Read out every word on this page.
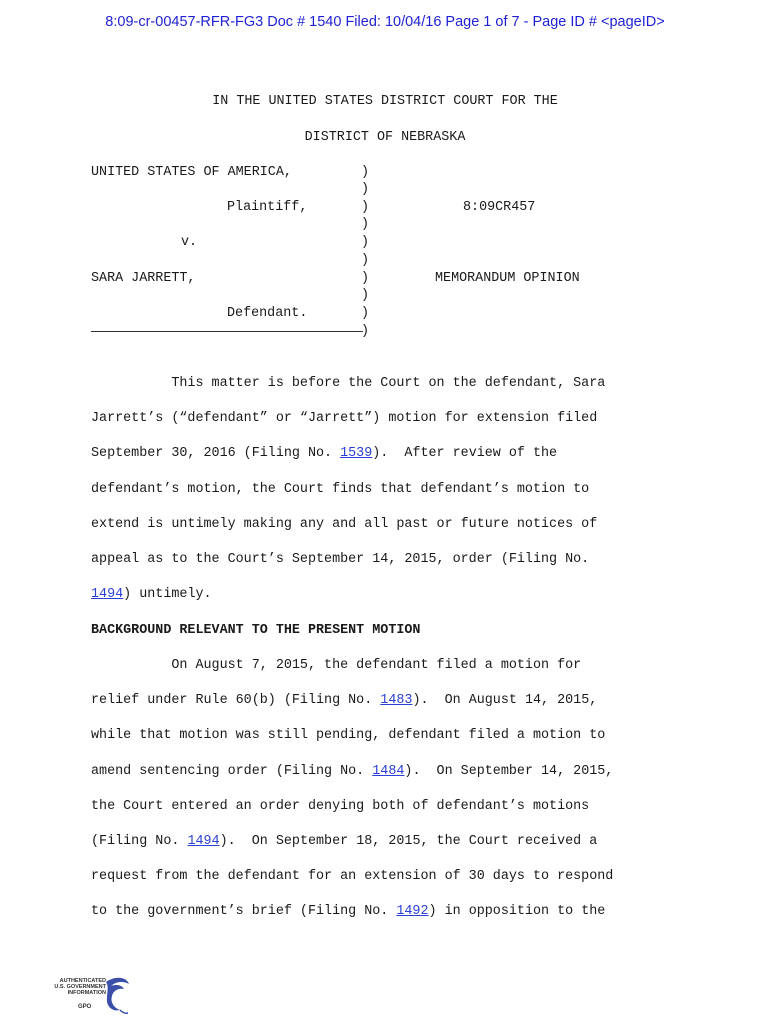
8:09-cr-00457-RFR-FG3 Doc # 1540 Filed: 10/04/16 Page 1 of 7 - Page ID # <pageID>
IN THE UNITED STATES DISTRICT COURT FOR THE
DISTRICT OF NEBRASKA
UNITED STATES OF AMERICA,
Plaintiff,
v.
SARA JARRETT,
Defendant.
)
)
)
)
)
)
)
)
)
)
8:09CR457
MEMORANDUM OPINION
This matter is before the Court on the defendant, Sara
Jarrett’s (“defendant” or “Jarrett”) motion for extension filed
September 30, 2016 (Filing No. 1539).  After review of the
defendant’s motion, the Court finds that defendant’s motion to
extend is untimely making any and all past or future notices of
appeal as to the Court’s September 14, 2015, order (Filing No.
1494) untimely.
BACKGROUND RELEVANT TO THE PRESENT MOTION
On August 7, 2015, the defendant filed a motion for
relief under Rule 60(b) (Filing No. 1483).  On August 14, 2015,
while that motion was still pending, defendant filed a motion to
amend sentencing order (Filing No. 1484).  On September 14, 2015,
the Court entered an order denying both of defendant’s motions
(Filing No. 1494).  On September 18, 2015, the Court received a
request from the defendant for an extension of 30 days to respond
to the government’s brief (Filing No. 1492) in opposition to the
AUTHENTICATED
U.S. GOVERNMENT
INFORMATION
GPO
